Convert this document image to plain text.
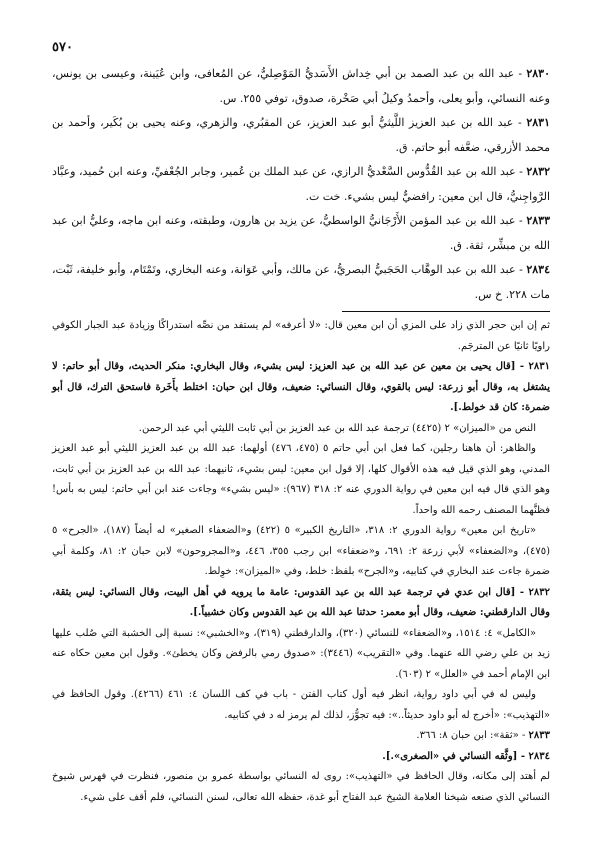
٥٧٠

٢٨٣٠ - عبد الله بن عبد الصمد بن أبي خِداش الأَسَديُّ المَوْصِليُّ، عن المُعافى، وابن عُيَينة، وعيسى بن يونس، وعنه النسائي، وأبو يعلى، وأحمدُ وكيلُ أبي صَخْرة، صدوق، توفي ٢٥٥. س.

٢٨٣١ - عبد الله بن عبد العزيز اللَّيثيُّ أبو عبد العزيز، عن المقبُري، والزهري، وعنه يحيى بن بُكَير، وأحمد بن محمد الأزرقي، ضعَّفه أبو حاتم. ق.

٢٨٣٢ - عبد الله بن عبد القُدُّوس السَّعْديُّ الرازي، عن عبد الملك بن عُمير، وجابر الجُعْفيِّ، وعنه ابن حُميد، وعبَّاد الرَّواجِنيُّ، قال ابن معين: رافضيٌّ ليس بشيء. خت ت.

٢٨٣٣ - عبد الله بن عبد المؤمن الأَرْجَانيُّ الواسطيُّ، عن يزيد بن هارون، وطبقته، وعنه ابن ماجه، وعليُّ ابن عبد الله بن مبشِّر، ثقة. ق.

٢٨٣٤ - عبد الله بن عبد الوهَّاب الحَجَبيُّ البصريُّ، عن مالك، وأبي عَوَانة، وعنه البخاري، وتَمْتَام، وأبو خليفة، ثَبْت، مات ٢٢٨. خ س.

ثم إن ابن حجر الذي زاد على المزي أن ابن معين قال: «لا أعرفه» لم يستفد من نصِّه استدراكًا وزيادة عبد الجبار الكوفي راويًا ثانيًا عن المترجَم.

٢٨٣١ - [قال يحيى بن معين عن عبد الله بن عبد العزيز: ليس بشيء، وقال البخاري: منكر الحديث، وقال أبو حاتم: لا يشتغل به، وقال أبو زرعة: ليس بالقوي، وقال النسائي: ضعيف، وقال ابن حبان: اختلط بأَخَرة فاستحق الترك، قال أبو ضمرة: كان قد خولط.].

النص من «الميزان» ٢ (٤٤٢٥) ترجمة عبد الله بن عبد العزيز بن أبي ثابت الليثي أبي عبد الرحمن.

والظاهر: أن هاهنا رجلين، كما فعل ابن أبي حاتم ٥ (٤٧٥، ٤٧٦) أولهما: عبد الله بن عبد العزيز الليثي أبو عبد العزيز المدني، وهو الذي قيل فيه هذه الأقوال كلها، إلا قول ابن معين: ليس بشيء، ثانيهما: عبد الله بن عبد العزيز بن أبي ثابت، وهو الذي قال فيه ابن معين في رواية الدوري عنه ٢: ٣١٨ (٩٦٧): «ليس بشيء» وجاءت عند ابن أبي حاتم: ليس به بأس! فظنَّهما المصنف رحمه الله واحداً.

«تاريخ ابن معين» رواية الدوري ٢: ٣١٨، «التاريخ الكبير» ٥ (٤٢٢) و«الضعفاء الصغير» له أيضاً (١٨٧)، «الجرح» ٥ (٤٧٥)، و«الضعفاء» لأبي زرعة ٢: ٦٩١، و«ضعفاء» ابن رجب ٣٥٥، ٤٤٦، و«المجروحون» لابن حبان ٢: ٨١، وكلمة أبي ضمرة جاءت عند البخاري في كتابيه، و«الجرح» بلفظ: خلط، وفي «الميزان»: خوِلط.

٢٨٣٢ - [قال ابن عدي في ترجمة عبد الله بن عبد القدوس: عامة ما يرويه في أهل البيت، وقال النسائي: ليس بثقة، وقال الدارقطني: ضعيف، وقال أبو معمر: حدثنا عبد الله بن عبد القدوس وكان خشبياً.].

«الكامل» ٤: ١٥١٤، و«الضعفاء» للنسائي (٣٢٠)، والدارقطني (٣١٩)، و«الخشبي»: نسبة إلى الخشبة التي صُلب عليها زيد بن علي رضي الله عنهما. وفي «التقريب» (٣٤٤٦): «صدوق رمي بالرفض وكان يخطئ». وقول ابن معين حكاه عنه ابن الإمام أحمد في «العلل» ٢ (٦٠٣).

وليس له في أبي داود رواية، انظر فيه أول كتاب الفتن - باب في كف اللسان ٤: ٤٦١ (٤٢٦٦). وقول الحافظ في «التهذيب»: «أخرج له أبو داود حديثاً..»: فيه تجوُّز، لذلك لم يرمز له د في كتابيه.

٢٨٣٣ - «ثقة»: ابن حبان ٨: ٣٦٦.

٢٨٣٤ - [وثَّقه النسائي في «الصغرى».].

لم أهتد إلى مكانه، وقال الحافظ في «التهذيب»: روى له النسائي بواسطة عمرو بن منصور، فنظرت في فهرس شيوخ النسائي الذي صنعه شيخنا العلامة الشيخ عبد الفتاح أبو غدة، حفظه الله تعالى، لسنن النسائي، فلم أقف على شيء.
